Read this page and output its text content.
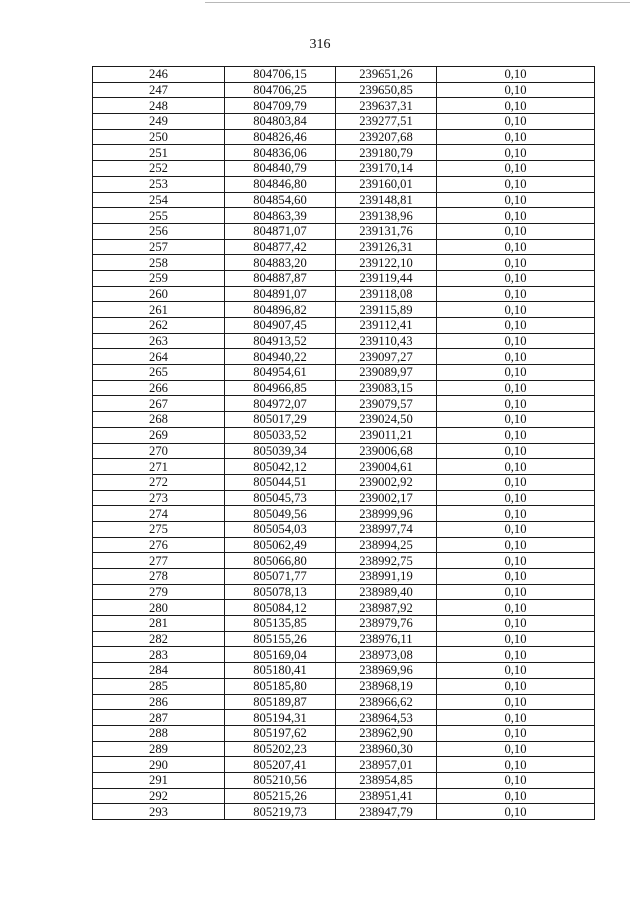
316
246	804706,15	239651,26	0,10
247	804706,25	239650,85	0,10
248	804709,79	239637,31	0,10
249	804803,84	239277,51	0,10
250	804826,46	239207,68	0,10
251	804836,06	239180,79	0,10
252	804840,79	239170,14	0,10
253	804846,80	239160,01	0,10
254	804854,60	239148,81	0,10
255	804863,39	239138,96	0,10
256	804871,07	239131,76	0,10
257	804877,42	239126,31	0,10
258	804883,20	239122,10	0,10
259	804887,87	239119,44	0,10
260	804891,07	239118,08	0,10
261	804896,82	239115,89	0,10
262	804907,45	239112,41	0,10
263	804913,52	239110,43	0,10
264	804940,22	239097,27	0,10
265	804954,61	239089,97	0,10
266	804966,85	239083,15	0,10
267	804972,07	239079,57	0,10
268	805017,29	239024,50	0,10
269	805033,52	239011,21	0,10
270	805039,34	239006,68	0,10
271	805042,12	239004,61	0,10
272	805044,51	239002,92	0,10
273	805045,73	239002,17	0,10
274	805049,56	238999,96	0,10
275	805054,03	238997,74	0,10
276	805062,49	238994,25	0,10
277	805066,80	238992,75	0,10
278	805071,77	238991,19	0,10
279	805078,13	238989,40	0,10
280	805084,12	238987,92	0,10
281	805135,85	238979,76	0,10
282	805155,26	238976,11	0,10
283	805169,04	238973,08	0,10
284	805180,41	238969,96	0,10
285	805185,80	238968,19	0,10
286	805189,87	238966,62	0,10
287	805194,31	238964,53	0,10
288	805197,62	238962,90	0,10
289	805202,23	238960,30	0,10
290	805207,41	238957,01	0,10
291	805210,56	238954,85	0,10
292	805215,26	238951,41	0,10
293	805219,73	238947,79	0,10
